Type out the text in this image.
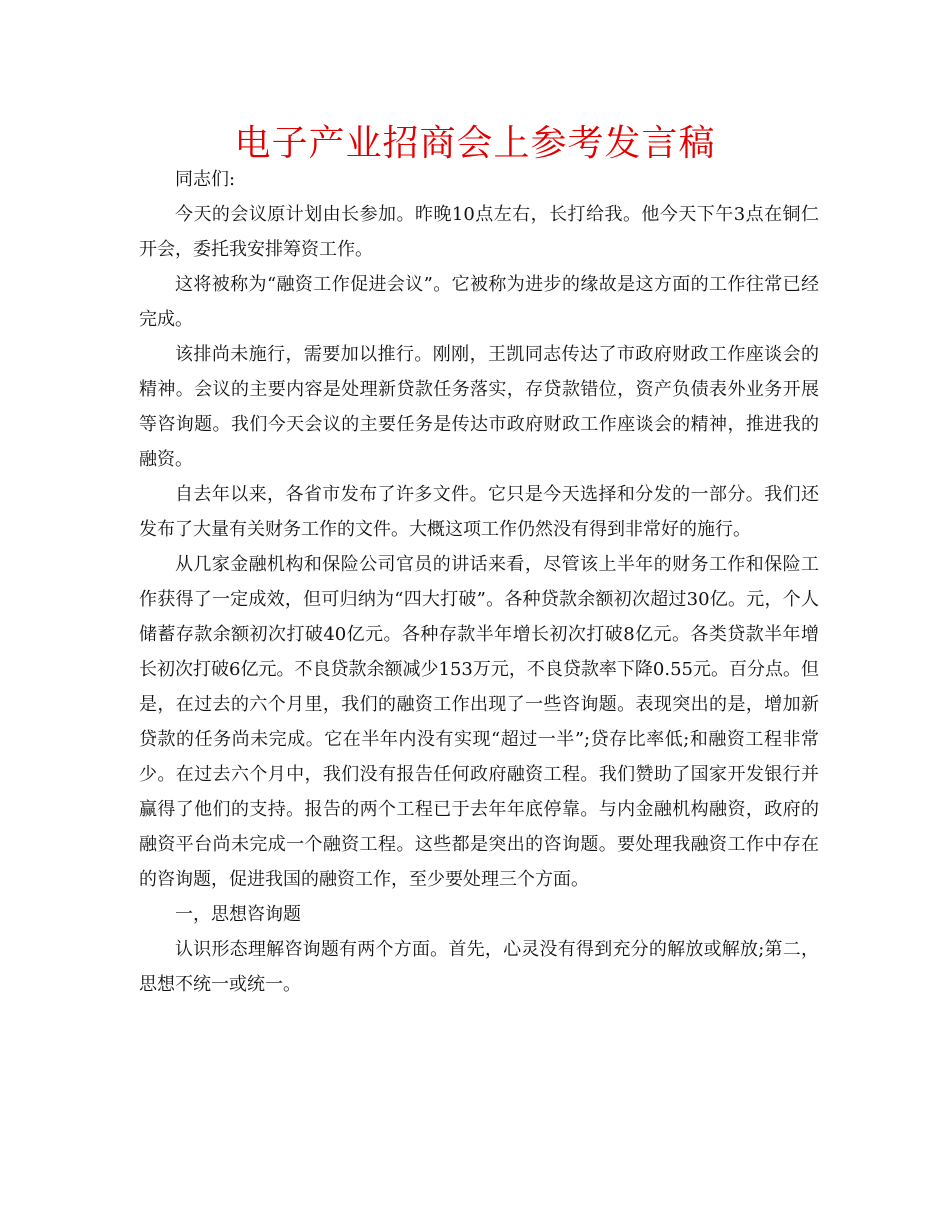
电子产业招商会上参考发言稿

同志们:

今天的会议原计划由长参加。昨晚10点左右，长打给我。他今天下午3点在铜仁开会，委托我安排筹资工作。

这将被称为“融资工作促进会议”。它被称为进步的缘故是这方面的工作往常已经完成。

该排尚未施行，需要加以推行。刚刚，王凯同志传达了市政府财政工作座谈会的精神。会议的主要内容是处理新贷款任务落实，存贷款错位，资产负债表外业务开展等咨询题。我们今天会议的主要任务是传达市政府财政工作座谈会的精神，推进我的融资。

自去年以来，各省市发布了许多文件。它只是今天选择和分发的一部分。我们还发布了大量有关财务工作的文件。大概这项工作仍然没有得到非常好的施行。

从几家金融机构和保险公司官员的讲话来看，尽管该上半年的财务工作和保险工作获得了一定成效，但可归纳为“四大打破”。各种贷款余额初次超过30亿。元，个人储蓄存款余额初次打破40亿元。各种存款半年增长初次打破8亿元。各类贷款半年增长初次打破6亿元。不良贷款余额减少153万元，不良贷款率下降0.55元。百分点。但是，在过去的六个月里，我们的融资工作出现了一些咨询题。表现突出的是，增加新贷款的任务尚未完成。它在半年内没有实现“超过一半”;贷存比率低;和融资工程非常少。在过去六个月中，我们没有报告任何政府融资工程。我们赞助了国家开发银行并赢得了他们的支持。报告的两个工程已于去年年底停靠。与内金融机构融资，政府的融资平台尚未完成一个融资工程。这些都是突出的咨询题。要处理我融资工作中存在的咨询题，促进我国的融资工作，至少要处理三个方面。

一，思想咨询题

认识形态理解咨询题有两个方面。首先，心灵没有得到充分的解放或解放;第二，思想不统一或统一。
